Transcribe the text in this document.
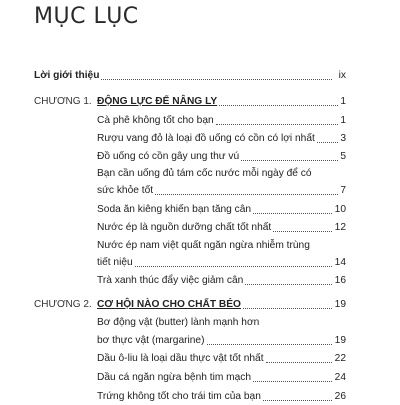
MỤC LỤC
Lời giới thiệu	ix
CHƯƠNG 1. ĐỘNG LỰC ĐỂ NÂNG LY	1
Cà phê không tốt cho bạn	1
Rượu vang đỏ là loại đồ uống có cồn có lợi nhất	3
Đồ uống có cồn gây ung thư vú	5
Bạn cần uống đủ tám cốc nước mỗi ngày để có
sức khỏe tốt	7
Soda ăn kiêng khiến bạn tăng cân	10
Nước ép là nguồn dưỡng chất tốt nhất	12
Nước ép nam việt quất ngăn ngừa nhiễm trùng
tiết niệu	14
Trà xanh thúc đẩy việc giảm cân	16
CHƯƠNG 2. CƠ HỘI NÀO CHO CHẤT BÉO	19
Bơ động vật (butter) lành mạnh hơn
bơ thực vật (margarine)	19
Dầu ô-liu là loại dầu thực vật tốt nhất	22
Dầu cá ngăn ngừa bệnh tim mạch	24
Trứng không tốt cho trái tim của bạn	26
